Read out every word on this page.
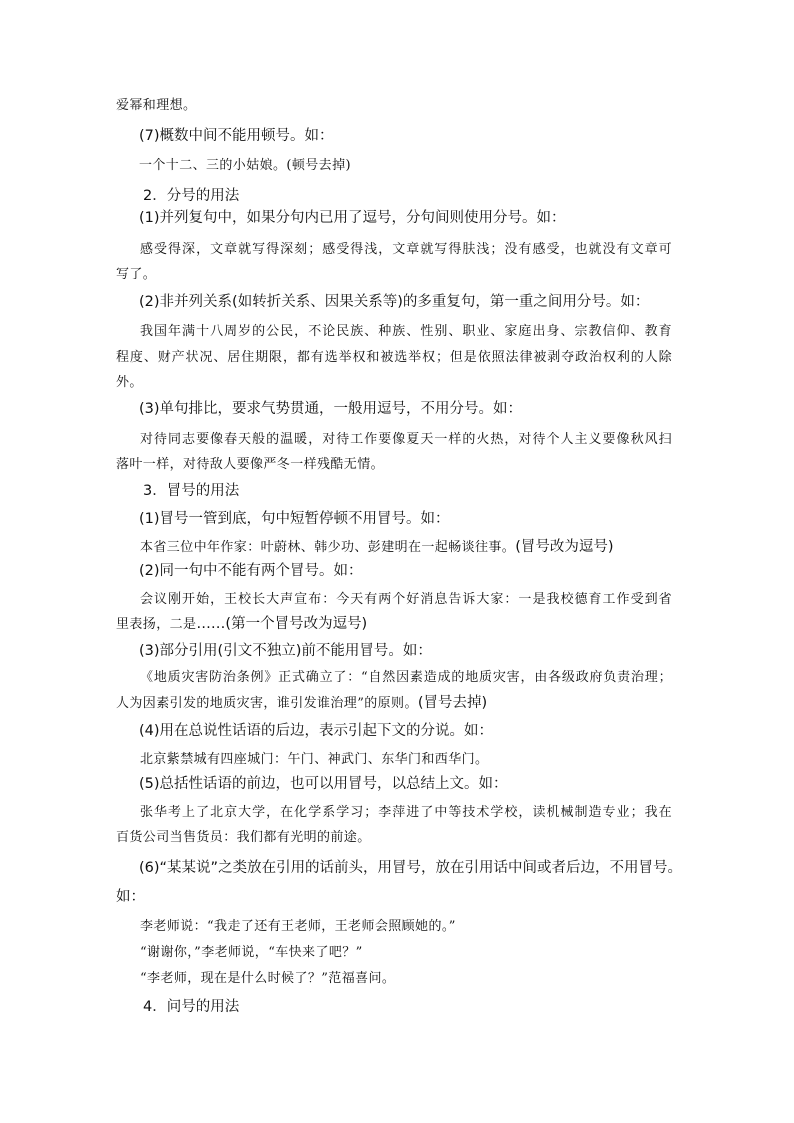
爱幂和理想。
(7)概数中间不能用顿号。如：
一个十二、三的小姑娘。(顿号去掉)
2．分号的用法
(1)并列复句中，如果分句内已用了逗号，分句间则使用分号。如：
感受得深，文章就写得深刻；感受得浅，文章就写得肤浅；没有感受，也就没有文章可
写了。
(2)非并列关系(如转折关系、因果关系等)的多重复句，第一重之间用分号。如：
我国年满十八周岁的公民，不论民族、种族、性别、职业、家庭出身、宗教信仰、教育
程度、财产状况、居住期限，都有选举权和被选举权；但是依照法律被剥夺政治权利的人除
外。
(3)单句排比，要求气势贯通，一般用逗号，不用分号。如：
对待同志要像春天般的温暖，对待工作要像夏天一样的火热，对待个人主义要像秋风扫
落叶一样，对待敌人要像严冬一样残酷无情。
3．冒号的用法
(1)冒号一管到底，句中短暂停顿不用冒号。如：
本省三位中年作家：叶蔚林、韩少功、彭建明在一起畅谈往事。(冒号改为逗号)
(2)同一句中不能有两个冒号。如：
会议刚开始，王校长大声宣布：今天有两个好消息告诉大家：一是我校德育工作受到省
里表扬，二是……(第一个冒号改为逗号)
(3)部分引用(引文不独立)前不能用冒号。如：
《地质灾害防治条例》正式确立了：“自然因素造成的地质灾害，由各级政府负责治理；
人为因素引发的地质灾害，谁引发谁治理”的原则。(冒号去掉)
(4)用在总说性话语的后边，表示引起下文的分说。如：
北京紫禁城有四座城门：午门、神武门、东华门和西华门。
(5)总括性话语的前边，也可以用冒号，以总结上文。如：
张华考上了北京大学，在化学系学习；李萍进了中等技术学校，读机械制造专业；我在
百货公司当售货员：我们都有光明的前途。
(6)“某某说”之类放在引用的话前头，用冒号，放在引用话中间或者后边，不用冒号。
如：
李老师说：“我走了还有王老师，王老师会照顾她的。”
“谢谢你，”李老师说，“车快来了吧？”
“李老师，现在是什么时候了？”范福喜问。
4．问号的用法
